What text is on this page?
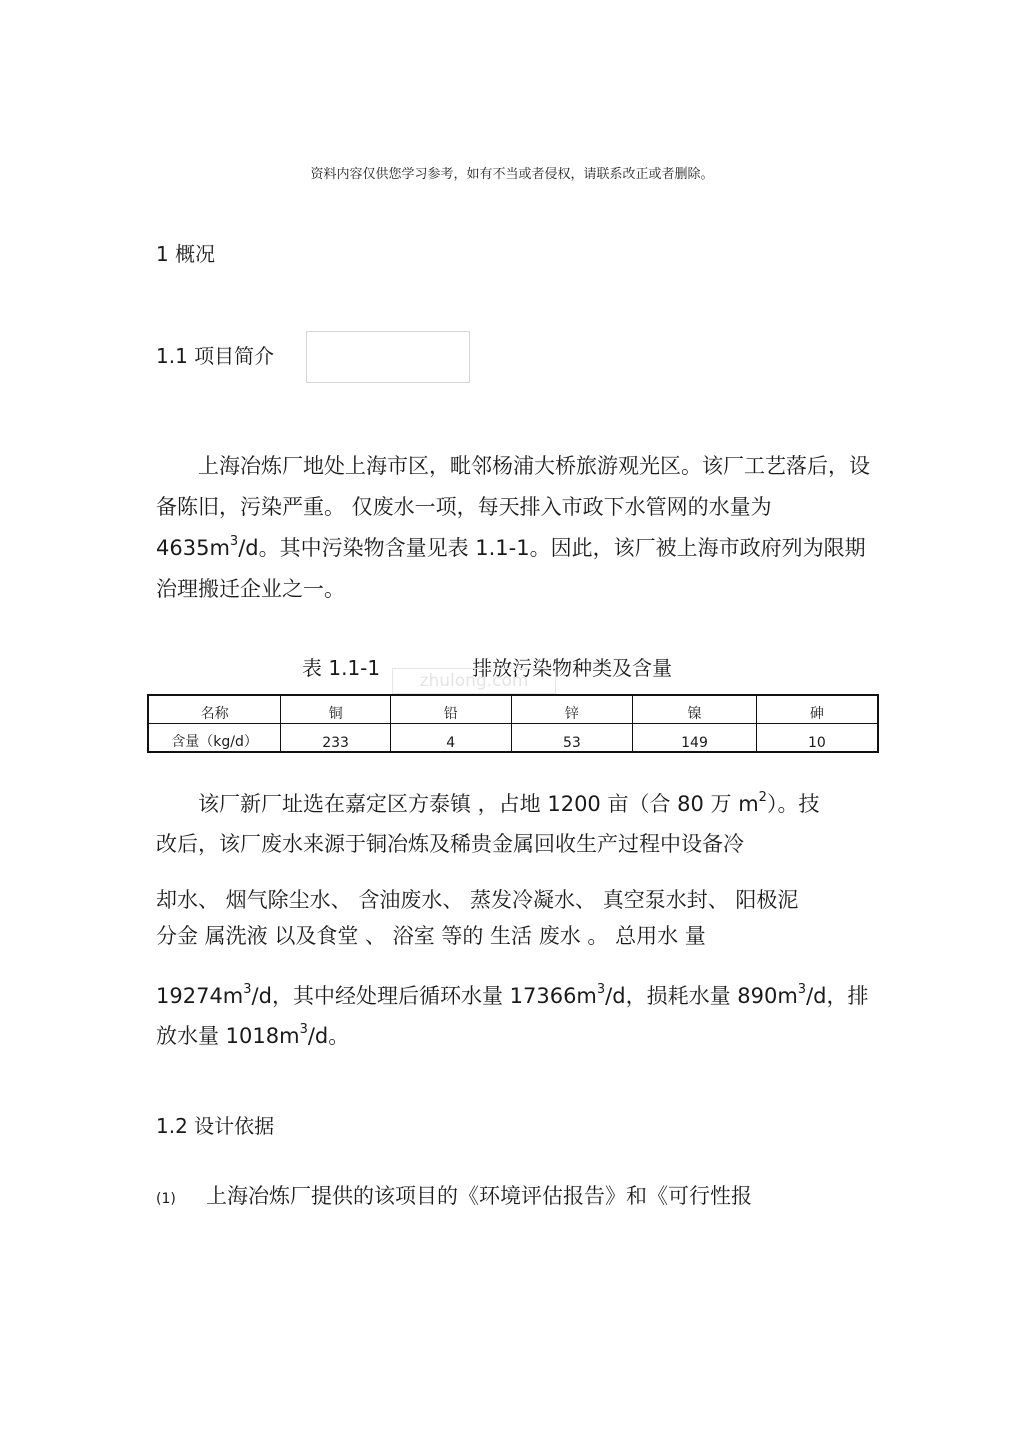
资料内容仅供您学习参考，如有不当或者侵权，请联系改正或者删除。
1 概况
1.1 项目简介
上海冶炼厂地处上海市区，毗邻杨浦大桥旅游观光区。该厂工艺落后，设备陈旧，污染严重。 仅废水一项，每天排入市政下水管网的水量为 $4635m^3/d$。其中污染物含量见表 1.1-1。因此，该厂被上海市政府列为限期治理搬迁企业之一。
表 1.1-1	排放污染物种类及含量
zhulong.com
名称	铜	铅	锌	镍	砷
含量（kg/d）	233	4	53	149	10
该厂新厂址选在嘉定区方泰镇 ，占地 1200 亩（合 80 万 $m^2$）。技
改后，该厂废水来源于铜冶炼及稀贵金属回收生产过程中设备冷
却水、 烟气除尘水、 含油废水、 蒸发冷凝水、 真空泵水封、 阳极泥
分金 属洗液 以及食堂 、 浴室 等的 生活 废水 。 总用水 量
$19274m^3/d$，其中经处理后循环水量 $17366m^3/d$，损耗水量 $890m^3/d$，排
放水量 $1018m^3/d$。
1.2 设计依据
(1) 上海冶炼厂提供的该项目的《环境评估报告》和《可行性报
